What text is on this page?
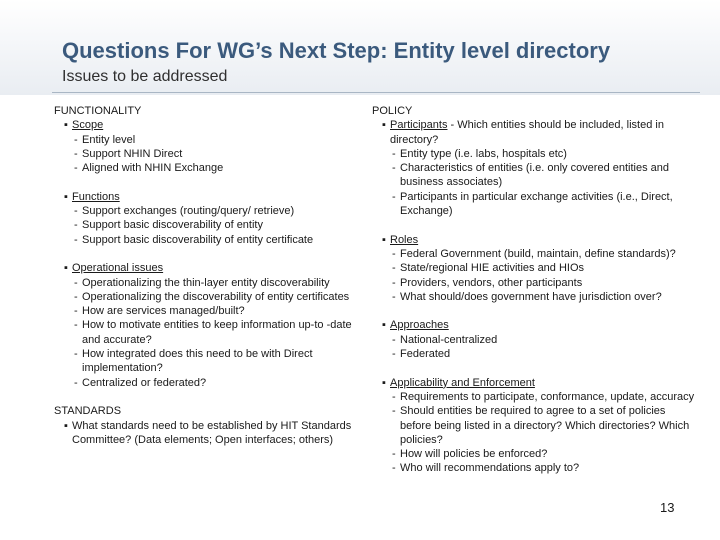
Questions For WG’s Next Step: Entity level directory
Issues to be addressed
FUNCTIONALITY
▪ Scope
- Entity level
- Support NHIN Direct
- Aligned with NHIN Exchange
▪ Functions
- Support exchanges (routing/query/ retrieve)
- Support basic discoverability of entity
- Support basic discoverability of entity certificate
▪ Operational issues
- Operationalizing the thin-layer entity discoverability
- Operationalizing the discoverability of entity certificates
- How are services managed/built?
- How to motivate entities to keep information up-to -date and accurate?
- How integrated does this need to be with Direct implementation?
- Centralized or federated?
STANDARDS
▪ What standards need to be established by HIT Standards Committee? (Data elements; Open interfaces; others)
POLICY
▪ Participants - Which entities should be included, listed in directory?
- Entity type (i.e. labs, hospitals etc)
- Characteristics of entities (i.e. only covered entities and business associates)
- Participants in particular exchange activities (i.e., Direct, Exchange)
▪ Roles
- Federal Government (build, maintain, define standards)?
- State/regional HIE activities and HIOs
- Providers, vendors, other participants
- What should/does government have jurisdiction over?
▪ Approaches
- National-centralized
- Federated
▪ Applicability and Enforcement
- Requirements to participate, conformance, update, accuracy
- Should entities be required to agree to a set of policies before being listed in a directory? Which directories? Which policies?
- How will policies be enforced?
- Who will recommendations apply to?
13
